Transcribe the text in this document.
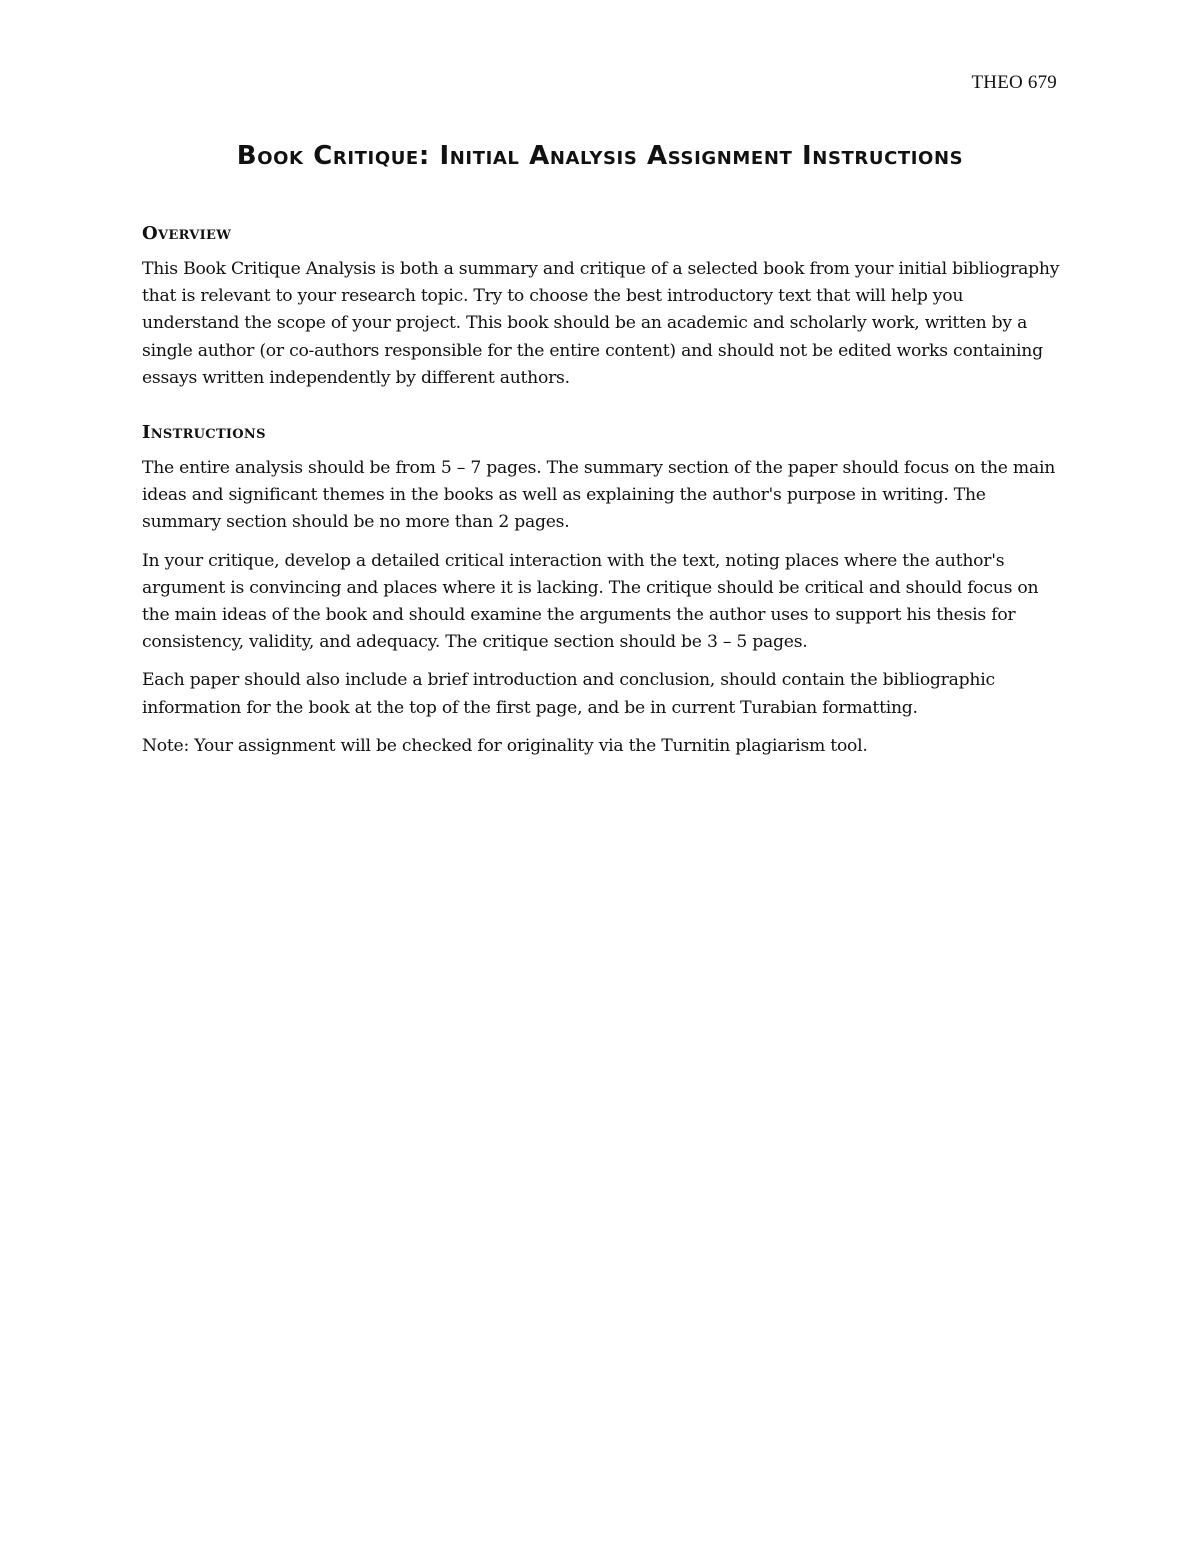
THEO 679
Book Critique: Initial Analysis Assignment Instructions
Overview

This Book Critique Analysis is both a summary and critique of a selected book from your initial bibliography that is relevant to your research topic. Try to choose the best introductory text that will help you understand the scope of your project. This book should be an academic and scholarly work, written by a single author (or co-authors responsible for the entire content) and should not be edited works containing essays written independently by different authors.

Instructions

The entire analysis should be from 5 – 7 pages. The summary section of the paper should focus on the main ideas and significant themes in the books as well as explaining the author's purpose in writing. The summary section should be no more than 2 pages.

In your critique, develop a detailed critical interaction with the text, noting places where the author's argument is convincing and places where it is lacking. The critique should be critical and should focus on the main ideas of the book and should examine the arguments the author uses to support his thesis for consistency, validity, and adequacy. The critique section should be 3 – 5 pages.

Each paper should also include a brief introduction and conclusion, should contain the bibliographic information for the book at the top of the first page, and be in current Turabian formatting.

Note: Your assignment will be checked for originality via the Turnitin plagiarism tool.
